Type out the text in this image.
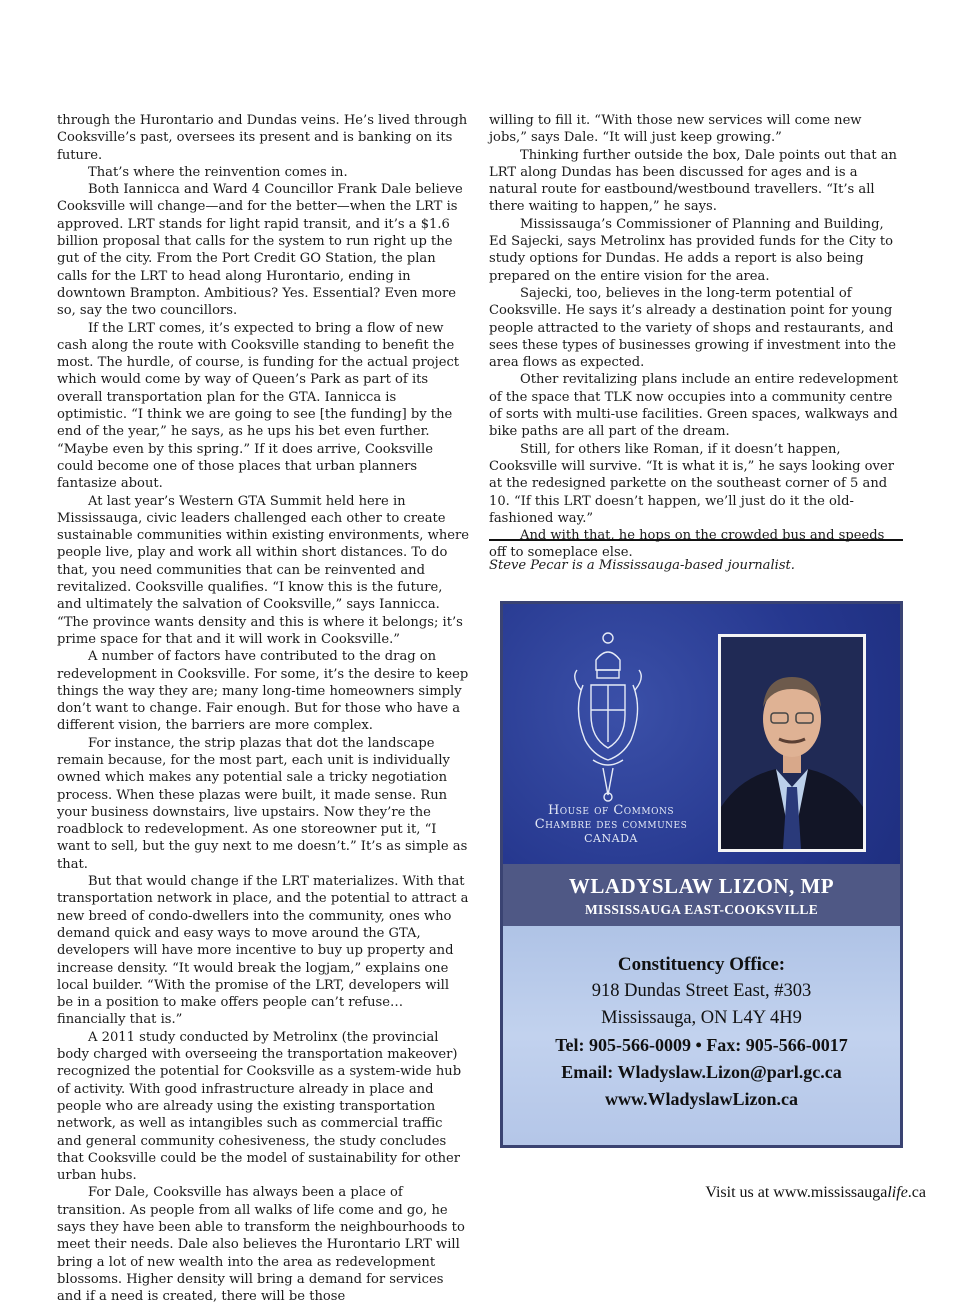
through the Hurontario and Dundas veins. He’s lived through Cooksville’s past, oversees its present and is banking on its future.

That’s where the reinvention comes in.

Both Iannicca and Ward 4 Councillor Frank Dale believe Cooksville will change—and for the better—when the LRT is approved. LRT stands for light rapid transit, and it’s a $1.6 billion proposal that calls for the system to run right up the gut of the city. From the Port Credit GO Station, the plan calls for the LRT to head along Hurontario, ending in downtown Brampton. Ambitious? Yes. Essential? Even more so, say the two councillors.

If the LRT comes, it’s expected to bring a flow of new cash along the route with Cooksville standing to benefit the most. The hurdle, of course, is funding for the actual project which would come by way of Queen’s Park as part of its overall transportation plan for the GTA. Iannicca is optimistic. “I think we are going to see [the funding] by the end of the year,” he says, as he ups his bet even further. “Maybe even by this spring.” If it does arrive, Cooksville could become one of those places that urban planners fantasize about.

At last year’s Western GTA Summit held here in Mississauga, civic leaders challenged each other to create sustainable communities within existing environments, where people live, play and work all within short distances. To do that, you need communities that can be reinvented and revitalized. Cooksville qualifies. “I know this is the future, and ultimately the salvation of Cooksville,” says Iannicca. “The province wants density and this is where it belongs; it’s prime space for that and it will work in Cooksville.”

A number of factors have contributed to the drag on redevelopment in Cooksville. For some, it’s the desire to keep things the way they are; many long-time homeowners simply don’t want to change. Fair enough. But for those who have a different vision, the barriers are more complex.

For instance, the strip plazas that dot the landscape remain because, for the most part, each unit is individually owned which makes any potential sale a tricky negotiation process. When these plazas were built, it made sense. Run your business downstairs, live upstairs. Now they’re the roadblock to redevelopment. As one storeowner put it, “I want to sell, but the guy next to me doesn’t.” It’s as simple as that.

But that would change if the LRT materializes. With that transportation network in place, and the potential to attract a new breed of condo-dwellers into the community, ones who demand quick and easy ways to move around the GTA, developers will have more incentive to buy up property and increase density. “It would break the logjam,” explains one local builder. “With the promise of the LRT, developers will be in a position to make offers people can’t refuse… financially that is.”

A 2011 study conducted by Metrolinx (the provincial body charged with overseeing the transportation makeover) recognized the potential for Cooksville as a system-wide hub of activity. With good infrastructure already in place and people who are already using the existing transportation network, as well as intangibles such as commercial traffic and general community cohesiveness, the study concludes that Cooksville could be the model of sustainability for other urban hubs.

For Dale, Cooksville has always been a place of transition. As people from all walks of life come and go, he says they have been able to transform the neighbourhoods to meet their needs. Dale also believes the Hurontario LRT will bring a lot of new wealth into the area as redevelopment blossoms. Higher density will bring a demand for services and if a need is created, there will be those

willing to fill it. “With those new services will come new jobs,” says Dale. “It will just keep growing.”

Thinking further outside the box, Dale points out that an LRT along Dundas has been discussed for ages and is a natural route for eastbound/westbound travellers. “It’s all there waiting to happen,” he says.

Mississauga’s Commissioner of Planning and Building, Ed Sajecki, says Metrolinx has provided funds for the City to study options for Dundas. He adds a report is also being prepared on the entire vision for the area.

Sajecki, too, believes in the long-term potential of Cooksville. He says it’s already a destination point for young people attracted to the variety of shops and restaurants, and sees these types of businesses growing if investment into the area flows as expected.

Other revitalizing plans include an entire redevelopment of the space that TLK now occupies into a community centre of sorts with multi-use facilities. Green spaces, walkways and bike paths are all part of the dream.

Still, for others like Roman, if it doesn’t happen, Cooksville will survive. “It is what it is,” he says looking over at the redesigned parkette on the southeast corner of 5 and 10. “If this LRT doesn’t happen, we’ll just do it the old-fashioned way.”

And with that, he hops on the crowded bus and speeds off to someplace else.

Steve Pecar is a Mississauga-based journalist.
House of Commons
Chambre des communes
CANADA
WLADYSLAW LIZON, MP
MISSISSAUGA EAST-COOKSVILLE
Constituency Office:
918 Dundas Street East, #303
Mississauga, ON L4Y 4H9
Tel: 905-566-0009 • Fax: 905-566-0017
Email: Wladyslaw.Lizon@parl.gc.ca
www.WladyslawLizon.ca
Visit us at www.mississaugalife.ca
